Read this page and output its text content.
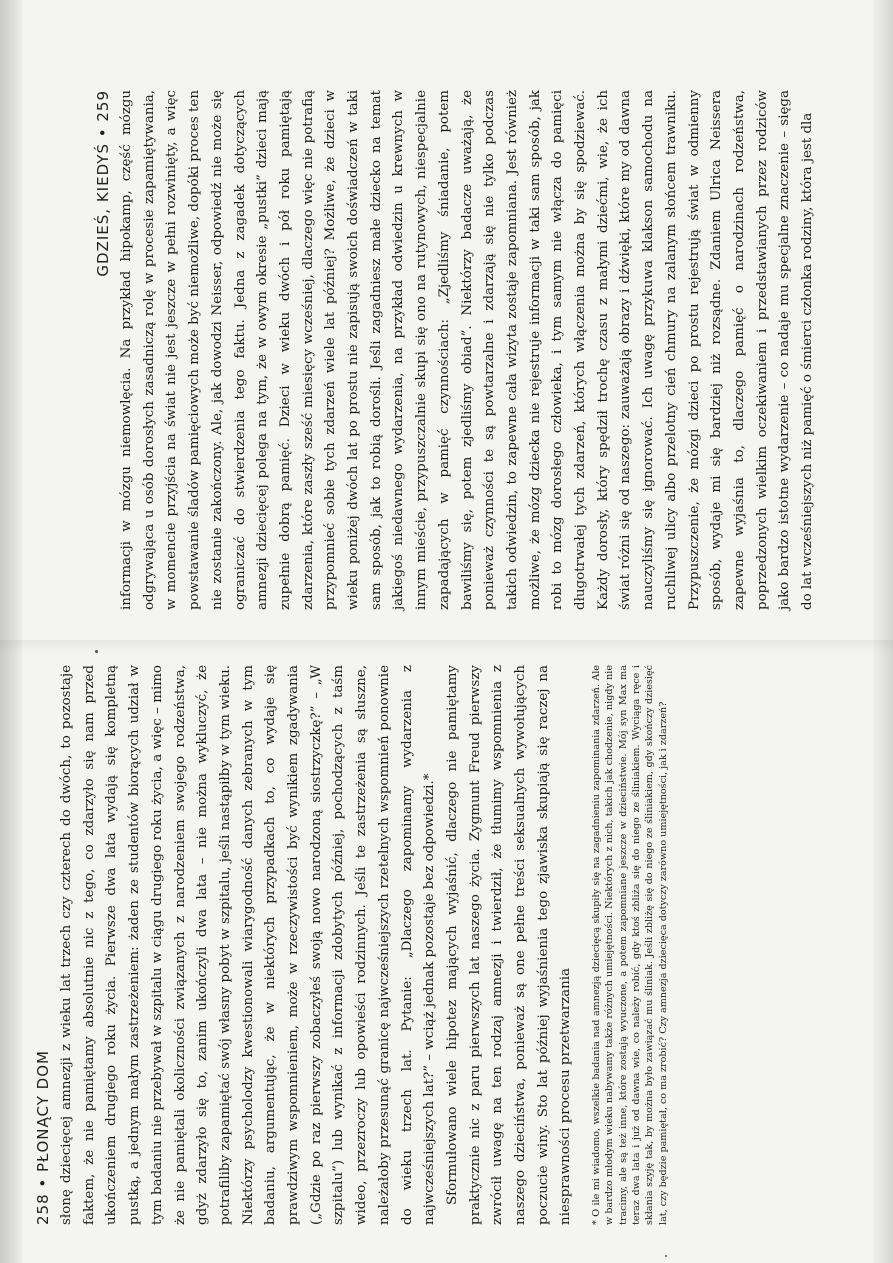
258 • PŁONĄCY DOM słonę dziecięcej amnezji z wieku lat trzech czy czterech do dwóch, to pozostaje faktem, że nie pamiętamy absolutnie nic z tego, co zdarzyło się nam przed ukończeniem drugiego roku życia. Pierwsze dwa lata wydają się kompletną pustką, a jednym małym zastrzeżeniem: żaden ze studentów biorących udział w tym badaniu nie przebywał w szpitalu w ciągu drugiego roku życia, a więc – mimo że nie pamiętali okoliczności związanych z narodzeniem swojego rodzeństwa, gdyż zdarzyło się to, zanim ukończyli dwa lata – nie można wykluczyć, że potrafiliby zapamiętać swój własny pobyt w szpitalu, jeśli nastąpiłby w tym wieku. Niektórzy psycholodzy kwestionowali wiarygodność danych zebranych w tym badaniu, argumentując, że w niektórych przypadkach to, co wydaje się prawdziwym wspomnieniem, może w rzeczywistości być wynikiem zgadywania („Gdzie po raz pierwszy zobaczyłeś swoją nowo narodzoną siostrzyczkę?” – „W szpitalu”) lub wynikać z informacji zdobytych później, pochodzących z taśm wideo, przezroczy lub opowieści rodzinnych. Jeśli te zastrzeżenia są słuszne, należałoby przesunąć granicę najwcześniejszych rzetelnych wspomnień ponownie do wieku trzech lat. Pytanie: „Dlaczego zapominamy wydarzenia z najwcześniejszych lat?” – wciąż jednak pozostaje bez odpowiedzi.* Sformułowano wiele hipotez mających wyjaśnić, dlaczego nie pamiętamy praktycznie nic z paru pierwszych lat naszego życia. Zygmunt Freud pierwszy zwrócił uwagę na ten rodzaj amnezji i twierdził, że tłumimy wspomnienia z naszego dzieciństwa, ponieważ są one pełne treści seksualnych wywołujących poczucie winy. Sto lat później wyjaśnienia tego zjawiska skupiają się raczej na niesprawności procesu przetwarzania	* O ile mi wiadomo, wszelkie badania nad amnezją dziecięcą skupiły się na zagadnieniu zapominania zdarzeń. Ale w bardzo młodym wieku nabywamy także różnych umiejętności. Niektórych z nich, takich jak chodzenie, nigdy nie tracimy, ale są też inne, które zostają wyuczone, a potem zapomniane jeszcze w dzieciństwie. Mój syn Max ma teraz dwa lata i już od dawna wie, co należy robić, gdy ktoś zbliża się do niego ze śliniakiem. Wyciąga ręce i skłania szyję tak, by można było zawiązać mu śliniak. Jeśli zbliżę się do niego ze śliniakiem, gdy skończy dziesięć lat, czy będzie pamiętał, co ma zrobić? Czy amnezja dziecięca dotyczy zarówno umiejętności, jak i zdarzeń?
GDZIEŚ, KIEDYŚ • 259 informacji w mózgu niemowlęcia. Na przykład hipokamp, część mózgu odgrywająca u osób dorosłych zasadniczą rolę w procesie zapamiętywania, w momencie przyjścia na świat nie jest jeszcze w pełni rozwinięty, a więc powstawanie śladów pamięciowych może być niemożliwe, dopóki proces ten nie zostanie zakończony. Ale, jak dowodzi Neisser, odpowiedź nie może się ograniczać do stwierdzenia tego faktu. Jedna z zagadek dotyczących amnezji dziecięcej polega na tym, że w owym okresie „pustki” dzieci mają zupełnie dobrą pamięć. Dzieci w wieku dwóch i pół roku pamiętają zdarzenia, które zaszły sześć miesięcy wcześniej, dlaczego więc nie potrafią przypomnieć sobie tych zdarzeń wiele lat później? Możliwe, że dzieci w wieku poniżej dwóch lat po prostu nie zapisują swoich doświadczeń w taki sam sposób, jak to robią dorośli. Jeśli zagadniesz małe dziecko na temat jakiegoś niedawnego wydarzenia, na przykład odwiedzin u krewnych w innym mieście, przypuszczalnie skupi się ono na rutynowych, niespecjalnie zapadających w pamięć czynnościach: „Zjedliśmy śniadanie, potem bawiliśmy się, potem zjedliśmy obiad”. Niektórzy badacze uważają, że ponieważ czynności te są powtarzalne i zdarzają się nie tylko podczas takich odwiedzin, to zapewne cała wizyta zostaje zapomniana. Jest również możliwe, że mózg dziecka nie rejestruje informacji w taki sam sposób, jak robi to mózg dorosłego człowieka, i tym samym nie włącza do pamięci długotrwałej tych zdarzeń, których włączenia można by się spodziewać. Każdy dorosły, który spędził trochę czasu z małymi dziećmi, wie, że ich świat różni się od naszego: zauważają obrazy i dźwięki, które my od dawna nauczyliśmy się ignorować. Ich uwagę przykuwa klakson samochodu na ruchliwej ulicy albo przelotny cień chmury na zalanym słońcem trawniku. Przypuszczenie, że mózgi dzieci po prostu rejestrują świat w odmienny sposób, wydaje mi się bardziej niż rozsądne. Zdaniem Ulrica Neissera zapewne wyjaśnia to, dlaczego pamięć o narodzinach rodzeństwa, poprzedzonych wielkim oczekiwaniem i przedstawianych przez rodziców jako bardzo istotne wydarzenie – co nadaje mu specjalne znaczenie – sięga do lat wcześniejszych niż pamięć o śmierci członka rodziny, która jest dla
